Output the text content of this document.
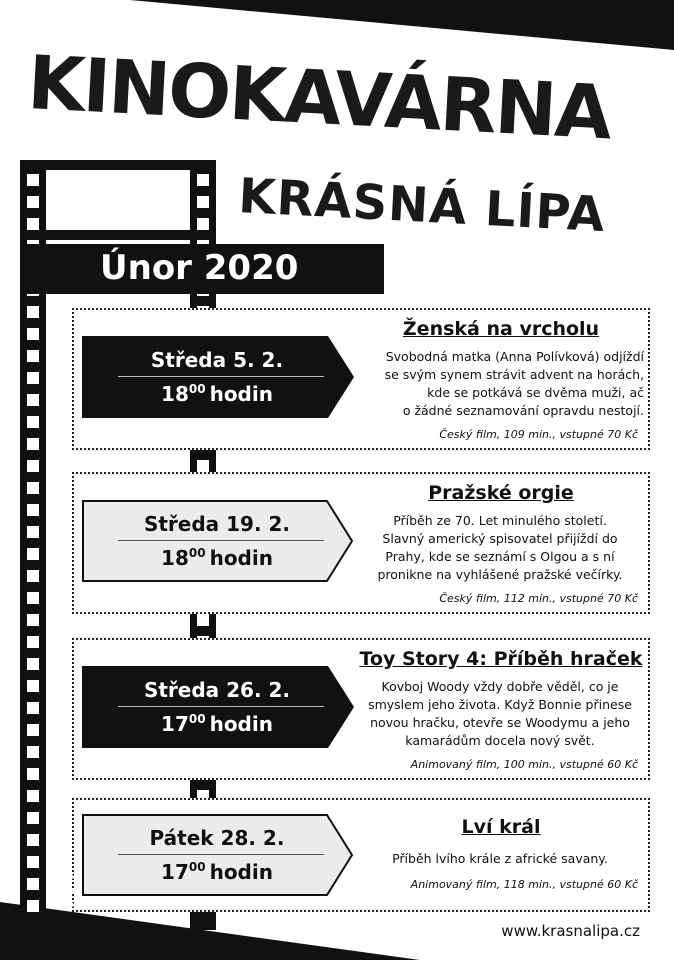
KINOKAVÁRNA
KRÁSNÁ LÍPA
Únor 2020
Středa 5. 2.
$18^{00}$ hodin
Ženská na vrcholu
Svobodná matka (Anna Polívková) odjíždí
se svým synem strávit advent na horách,
kde se potkává se dvěma muži, ač
o žádné seznamování opravdu nestojí.
Český film, 109 min., vstupné 70 Kč
Středa 19. 2.
$18^{00}$ hodin
Pražské orgie
Příběh ze 70. Let minulého století.
Slavný americký spisovatel přijíždí do
Prahy, kde se seznámí s Olgou a s ní
pronikne na vyhlášené pražské večírky.
Český film, 112 min., vstupné 70 Kč
Středa 26. 2.
$17^{00}$ hodin
Toy Story 4: Příběh hraček
Kovboj Woody vždy dobře věděl, co je
smyslem jeho života. Když Bonnie přinese
novou hračku, otevře se Woodymu a jeho
kamarádům docela nový svět.
Animovaný film, 100 min., vstupné 60 Kč
Pátek 28. 2.
$17^{00}$ hodin
Lví král
Příběh lvího krále z africké savany.
Animovaný film, 118 min., vstupné 60 Kč
www.krasnalipa.cz
